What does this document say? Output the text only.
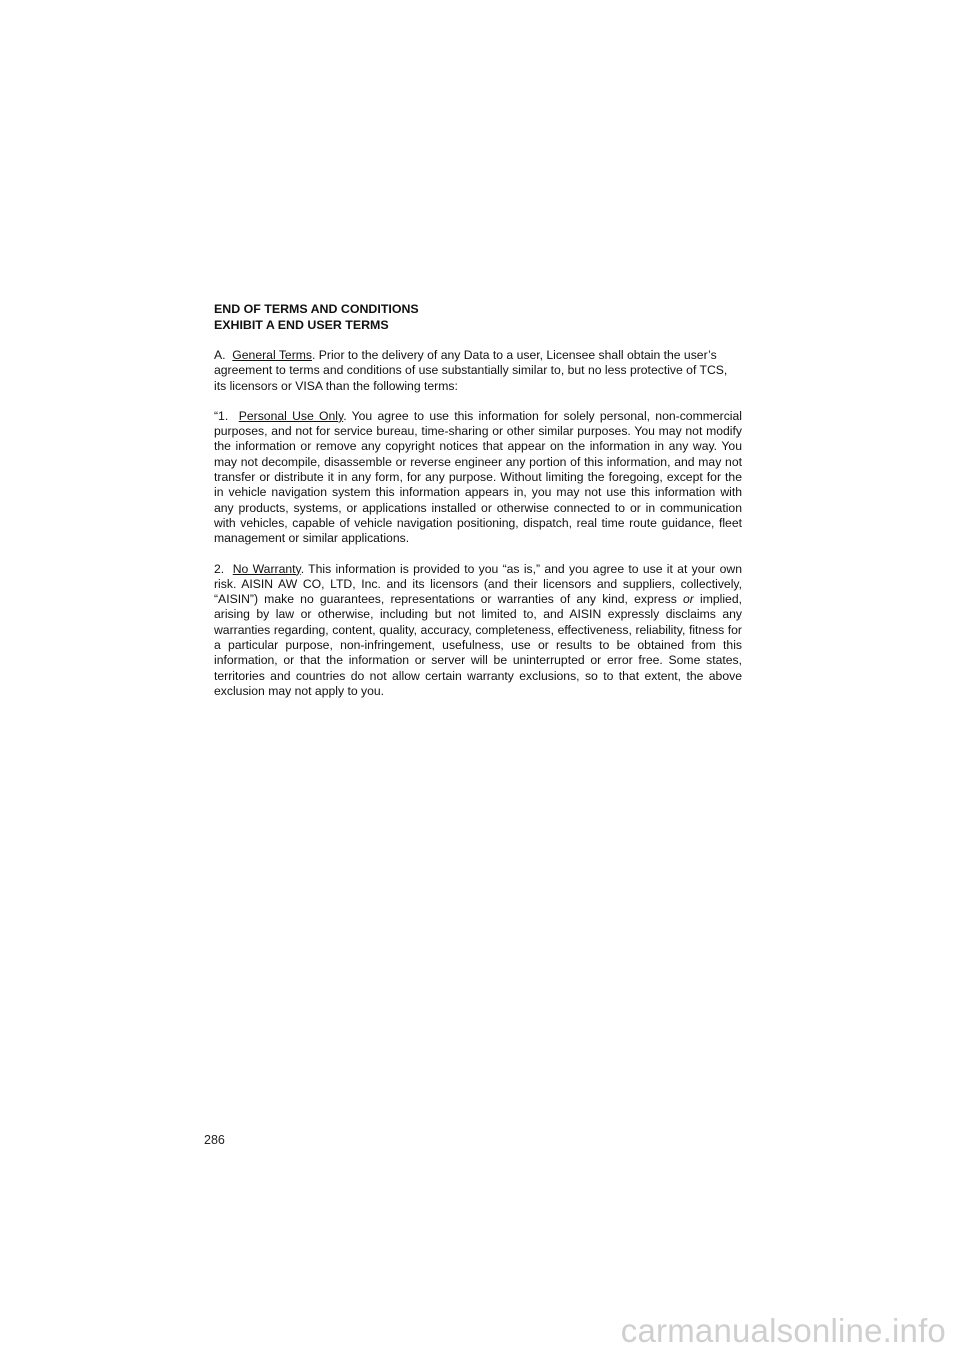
END OF TERMS AND CONDITIONS

EXHIBIT A END USER TERMS

A.  General Terms. Prior to the delivery of any Data to a user, Licensee shall obtain the user’s agreement to terms and conditions of use substantially similar to, but no less protective of TCS, its licensors or VISA than the following terms:

“1.  Personal Use Only. You agree to use this information for solely personal, non-commercial purposes, and not for service bureau, time-sharing or other similar purposes. You may not modify the information or remove any copyright notices that appear on the information in any way. You may not decompile, disassemble or reverse engineer any portion of this information, and may not transfer or distribute it in any form, for any purpose. Without limiting the foregoing, except for the in vehicle navigation system this information appears in, you may not use this information with any products, systems, or applications installed or otherwise connected to or in communication with vehicles, capable of vehicle navigation positioning, dispatch, real time route guidance, fleet management or similar applications.

2.  No Warranty. This information is provided to you “as is,” and you agree to use it at your own risk. AISIN AW CO, LTD, Inc. and its licensors (and their licensors and suppliers, collectively, “AISIN”) make no guarantees, representations or warranties of any kind, express or implied, arising by law or otherwise, including but not limited to, and AISIN expressly disclaims any warranties regarding, content, quality, accuracy, completeness, effectiveness, reliability, fitness for a particular purpose, non-infringement, usefulness, use or results to be obtained from this information, or that the information or server will be uninterrupted or error free. Some states, territories and countries do not allow certain warranty exclusions, so to that extent, the above exclusion may not apply to you.

286
carmanualsonline.info
